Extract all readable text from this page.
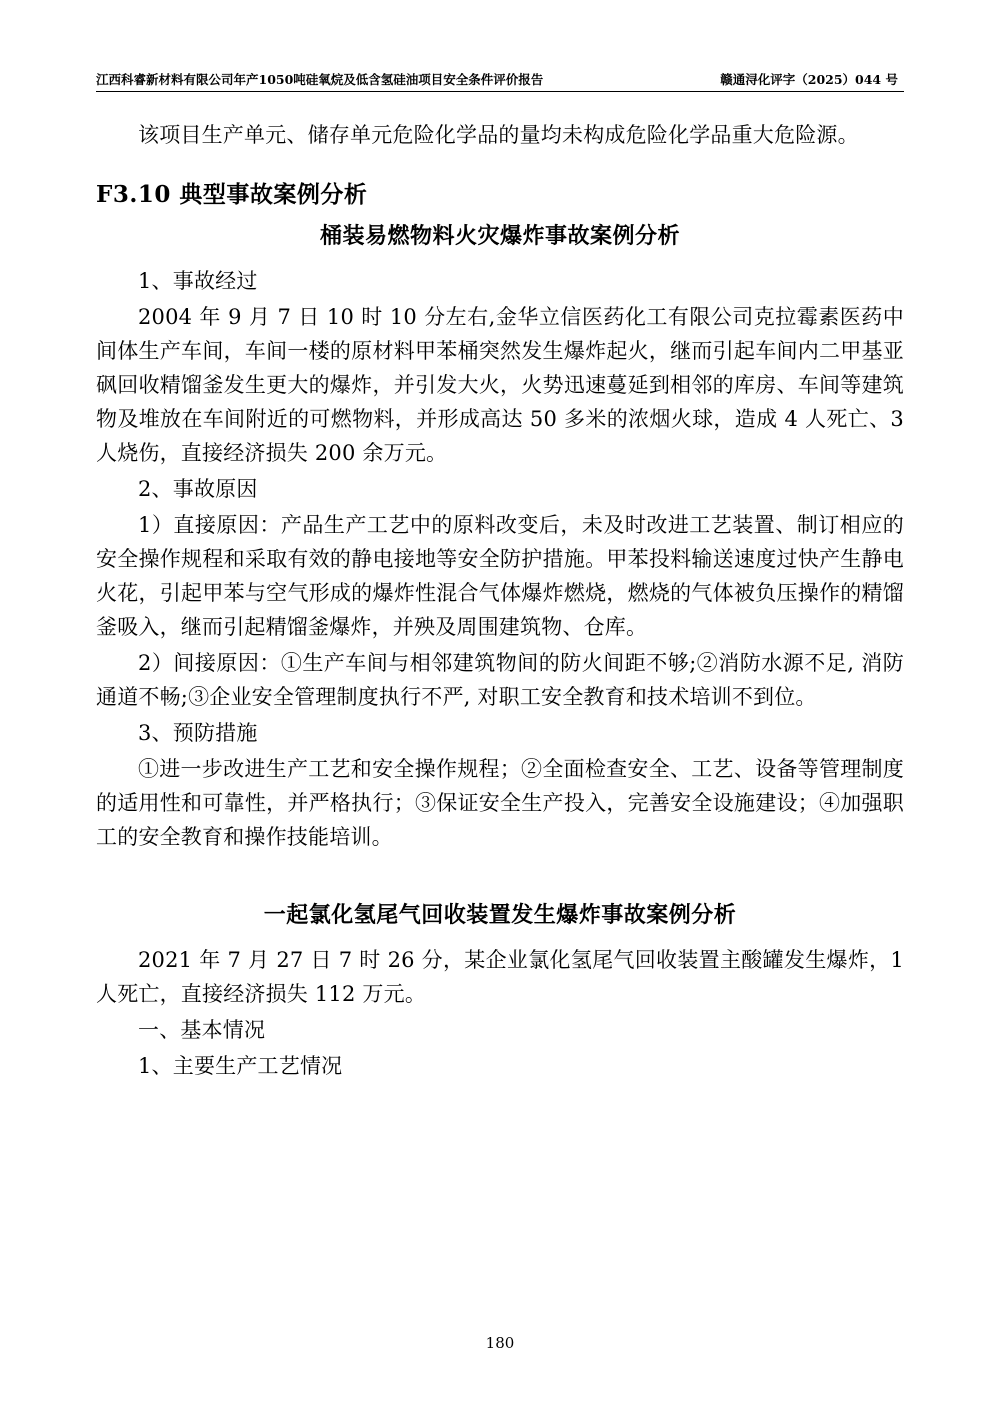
江西科睿新材料有限公司年产1050吨硅氧烷及低含氢硅油项目安全条件评价报告	赣通浔化评字（2025）044 号

该项目生产单元、储存单元危险化学品的量均未构成危险化学品重大危险源。

F3.10 典型事故案例分析
桶装易燃物料火灾爆炸事故案例分析

1、事故经过

2004 年 9 月 7 日 10 时 10 分左右,金华立信医药化工有限公司克拉霉素医药中间体生产车间，车间一楼的原材料甲苯桶突然发生爆炸起火，继而引起车间内二甲基亚砜回收精馏釜发生更大的爆炸，并引发大火，火势迅速蔓延到相邻的库房、车间等建筑物及堆放在车间附近的可燃物料，并形成高达 50 多米的浓烟火球，造成 4 人死亡、3 人烧伤，直接经济损失 200 余万元。

2、事故原因

1）直接原因：产品生产工艺中的原料改变后，未及时改进工艺装置、制订相应的安全操作规程和采取有效的静电接地等安全防护措施。甲苯投料输送速度过快产生静电火花，引起甲苯与空气形成的爆炸性混合气体爆炸燃烧，燃烧的气体被负压操作的精馏釜吸入，继而引起精馏釜爆炸，并殃及周围建筑物、仓库。

2）间接原因：①生产车间与相邻建筑物间的防火间距不够;②消防水源不足, 消防通道不畅;③企业安全管理制度执行不严, 对职工安全教育和技术培训不到位。

3、预防措施

①进一步改进生产工艺和安全操作规程；②全面检查安全、工艺、设备等管理制度的适用性和可靠性，并严格执行；③保证安全生产投入，完善安全设施建设；④加强职工的安全教育和操作技能培训。

一起氯化氢尾气回收装置发生爆炸事故案例分析

2021 年 7 月 27 日 7 时 26 分，某企业氯化氢尾气回收装置主酸罐发生爆炸，1 人死亡，直接经济损失 112 万元。

一、基本情况

1、主要生产工艺情况

180
